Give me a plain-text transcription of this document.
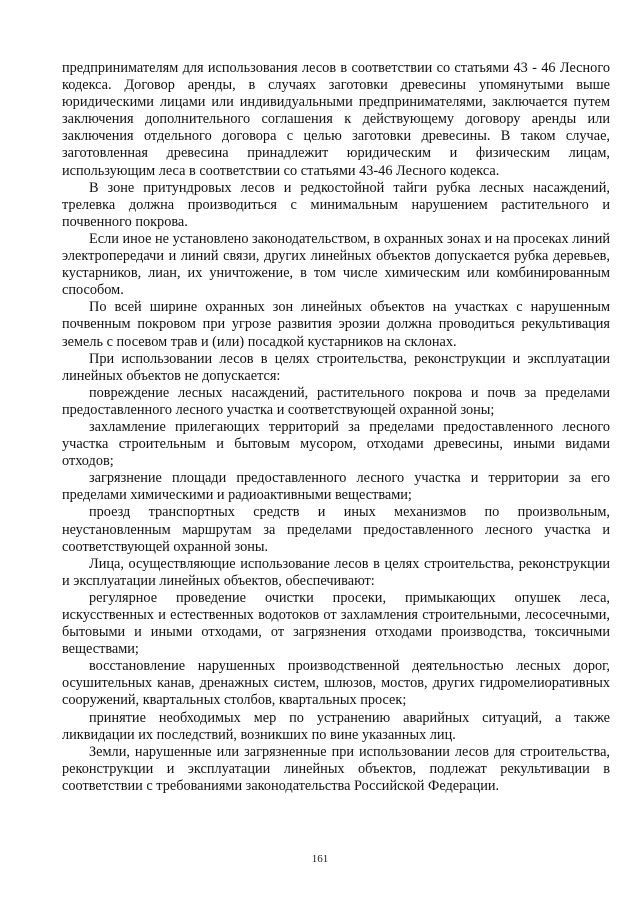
предпринимателям для использования лесов в соответствии со статьями 43 - 46 Лесного кодекса. Договор аренды, в случаях заготовки древесины упомянутыми выше юридическими лицами или индивидуальными предпринимателями, заключается путем заключения дополнительного соглашения к действующему договору аренды или заключения отдельного договора с целью заготовки древесины. В таком случае, заготовленная древесина принадлежит юридическим и физическим лицам, использующим леса в соответствии со статьями 43-46 Лесного кодекса.

В зоне притундровых лесов и редкостойной тайги рубка лесных насаждений, трелевка должна производиться с минимальным нарушением растительного и почвенного покрова.

Если иное не установлено законодательством, в охранных зонах и на просеках линий электропередачи и линий связи, других линейных объектов допускается рубка деревьев, кустарников, лиан, их уничтожение, в том числе химическим или комбинированным способом.

По всей ширине охранных зон линейных объектов на участках с нарушенным почвенным покровом при угрозе развития эрозии должна проводиться рекультивация земель с посевом трав и (или) посадкой кустарников на склонах.

При использовании лесов в целях строительства, реконструкции и эксплуатации линейных объектов не допускается:

повреждение лесных насаждений, растительного покрова и почв за пределами предоставленного лесного участка и соответствующей охранной зоны;

захламление прилегающих территорий за пределами предоставленного лесного участка строительным и бытовым мусором, отходами древесины, иными видами отходов;

загрязнение площади предоставленного лесного участка и территории за его пределами химическими и радиоактивными веществами;

проезд транспортных средств и иных механизмов по произвольным, неустановленным маршрутам за пределами предоставленного лесного участка и соответствующей охранной зоны.

Лица, осуществляющие использование лесов в целях строительства, реконструкции и эксплуатации линейных объектов, обеспечивают:

регулярное проведение очистки просеки, примыкающих опушек леса, искусственных и естественных водотоков от захламления строительными, лесосечными, бытовыми и иными отходами, от загрязнения отходами производства, токсичными веществами;

восстановление нарушенных производственной деятельностью лесных дорог, осушительных канав, дренажных систем, шлюзов, мостов, других гидромелиоративных сооружений, квартальных столбов, квартальных просек;

принятие необходимых мер по устранению аварийных ситуаций, а также ликвидации их последствий, возникших по вине указанных лиц.

Земли, нарушенные или загрязненные при использовании лесов для строительства, реконструкции и эксплуатации линейных объектов, подлежат рекультивации в соответствии с требованиями законодательства Российской Федерации.

161
